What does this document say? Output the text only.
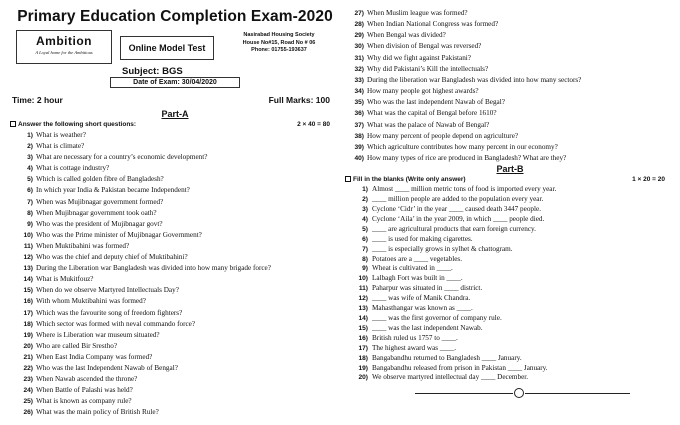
Primary Education Completion Exam-2020
Ambition
A Loyal home for the Ambitious	Online Model Test
Nasirabad Housing Society
House No#15, Road No # 06
Phone: 01755-193637
Subject: BGS
Date of Exam: 30/04/2020
Time: 2 hour	Full Marks: 100
Part-A
Answer the following short questions:	2 × 40 = 80
1) What is weather?
2) What is climate?
3) What are necessary for a country’s economic development?
4) What is cottage industry?
5) Which is called golden fibre of Bangladesh?
6) In which year India & Pakistan became Independent?
7) When was Mujibnagar government formed?
8) When Mujibnagar government took oath?
9) Who was the president of Mujibnagar govt?
10) Who was the Prime minister of Mujibnagar Government?
11) When Muktibahini was formed?
12) Who was the chief and deputy chief of Muktibahini?
13) During the Liberation war Bangladesh was divided into how many brigade force?
14) What is Mukitfouz?
15) When do we observe Martyred Intellectuals Day?
16) With whom Muktibahini was formed?
17) Which was the favourite song of freedom fighters?
18) Which sector was formed with neval commando force?
19) Where is Liberation war museum situated?
20) Who are called Bir Srestho?
21) When East India Company was formed?
22) Who was the last Independent Nawab of Bengal?
23) When Nawab ascended the throne?
24) When Battle of Palashi was held?
25) What is known as company rule?
26) What was the main policy of British Rule?
27) When Muslim league was formed?
28) When Indian National Congress was formed?
29) When Bengal was divided?
30) When division of Bengal was reversed?
31) Why did we fight against Pakistani?
32) Why did Pakistani’s Kill the intellectuals?
33) During the liberation war Bangladesh was divided into how many sectors?
34) How many people got highest awards?
35) Who was the last independent Nawab of Begal?
36) What was the capital of Bengal before 1610?
37) What was the palace of Nawab of Bengal?
38) How many percent of people depend on agriculture?
39) Which agriculture contributes how many percent in our economy?
40) How many types of rice are produced in Bangladesh? What are they?
Part-B
Fill in the blanks (Write only answer)	1 × 20 = 20
1) Almost ____ million metric tons of food is imported every year.
2) ____ million people are added to the population every year.
3) Cyclone ‘Cidr’ in the year ____ caused death 3447 people.
4) Cyclone ‘Aila’ in the year 2009, in which ____ people died.
5) ____ are agricultural products that earn foreign currency.
6) ____ is used for making cigarettes.
7) ____ is especially grows in sylhet & chattogram.
8) Potatoes are a ____ vegetables.
9) Wheat is cultivated in ____.
10) Lalbagh Fort was built in ____.
11) Paharpur was situated in ____ district.
12) ____ was wife of Manik Chandra.
13) Mahasthangar was known as ____.
14) ____ was the first governor of company rule.
15) ____ was the last independent Nawab.
16) British ruled us 1757 to ____.
17) The highest award was ____.
18) Bangabandhu returned to Bangladesh ____ January.
19) Bangabandhu released from prison in Pakistan ____ January.
20) We observe martyred intellectual day ____ December.
